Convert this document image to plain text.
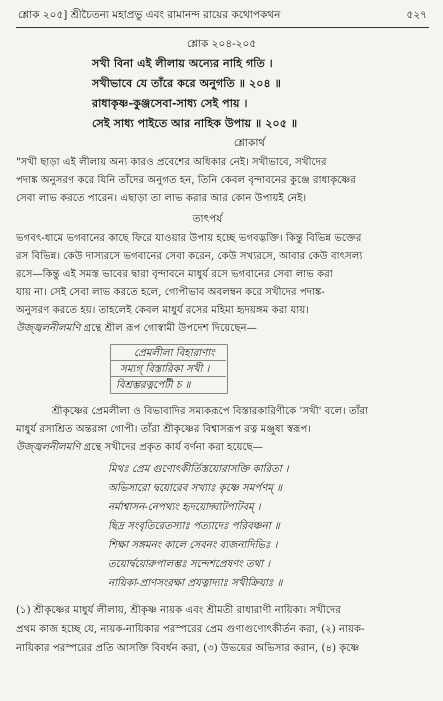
শ্লোক ২০৫] শ্রীচৈতন্য মহাপ্রভু এবং রামানন্দ রায়ের কথোপকথন	৫২৭
শ্লোক ২০৪-২০৫
সখী বিনা এই লীলায় অন্যের নাহি গতি ।
সখীভাবে যে তাঁরে করে অনুগতি ॥ ২০৪ ॥
রাধাকৃষ্ণ-কুঞ্জসেবা-সাধ্য সেই পায় ।
সেই সাধ্য পাইতে আর নাহিক উপায় ॥ ২০৫ ॥
শ্লোকার্থ
"সখী ছাড়া এই লীলায় অন্য কারও প্রবেশের অধিকার নেই। সখীভাবে, সখীদের
পদাঙ্ক অনুসরণ করে যিনি তাঁদের অনুগত হন, তিনি কেবল বৃন্দাবনের কুঞ্জে রাধাকৃষ্ণের
সেবা লাভ করতে পারেন। এছাড়া তা লাভ করার আর কোন উপায়ই নেই।
তাৎপর্য
ভগবৎ-ধামে ভগবানের কাছে ফিরে যাওয়ার উপায় হচ্ছে ভগবদ্ভক্তি। কিন্তু বিভিন্ন ভক্তের
রস বিভিন্ন। কেউ দাস্যরসে ভগবানের সেবা করেন, কেউ সখ্যরসে, আবার কেউ বাৎসল্য
রসে—কিন্তু এই সমস্ত ভাবের দ্বারা বৃন্দাবনে মাধুর্য রসে ভগবানের সেবা লাভ করা
যায় না। সেই সেবা লাভ করতে হলে, গোপীভাব অবলম্বন করে সখীদের পদাঙ্ক-
অনুসরণ করতে হয়। তাহলেই কেবল মাধুর্য রসের মহিমা হৃদয়ঙ্গম করা যায়।
উজ্জ্বলনীলমণি গ্রন্থে শ্রীল রূপ গোস্বামী উপদেশ দিয়েছেন—
প্রেমলীলা বিহারাণাং
সম্যগ্‌ বিস্তারিকা সখী ।
বিশ্রম্ভরত্নপেটী চ ॥
শ্রীকৃষ্ণের প্রেমলীলা ও বিভাবাদির সম্যকরূপে বিস্তারকারিণীকে 'সখী' বলে। তাঁরা
মাধুর্য রসাশ্রিত অন্তরঙ্গা গোপী। তাঁরা শ্রীকৃষ্ণের বিশ্বাসরূপ রত্ন মঞ্জুষা স্বরূপ।
উজ্জ্বলনীলমণি গ্রন্থে সখীদের প্রকৃত কার্য বর্ণনা করা হয়েছে—
মিথঃ প্রেম গুণোৎকীর্তিস্তয়োরাসক্তি কারিতা ।
অভিসারো দ্বয়োরেব সখ্যাঃ কৃষ্ণে সমর্পণম্‌ ॥
নর্মাশ্বাসন-নেপথ্যং হৃদয়োদ্ঘাটপাটবম্‌ ।
ছিদ্র সংবৃতিরেতস্যাঃ পত্যাদেঃ পরিবঞ্চনা ॥
শিক্ষা সঙ্গমনং কালে সেবনং ব্যজনাদিভিঃ ।
তয়োর্দ্বয়োরুপালম্ভঃ সন্দেশপ্রেষণং তথা ।
নায়িকা-প্রাণসংরক্ষা প্রযত্নাদ্যাঃ সখীক্রিয়াঃ ॥
(১) শ্রীকৃষ্ণের মাধুর্য লীলায়, শ্রীকৃষ্ণ নায়ক এবং শ্রীমতী রাধারাণী নায়িকা। সখীদের
প্রথম কাজ হচ্ছে যে, নায়ক-নায়িকার পরস্পরের প্রেম গুণাগুণোৎকীর্তন করা, (২) নায়ক-
নায়িকার পরস্পরের প্রতি আসক্তি বিবর্ধন করা, (৩) উভয়ের অভিসার করান, (৪) কৃষ্ণে
